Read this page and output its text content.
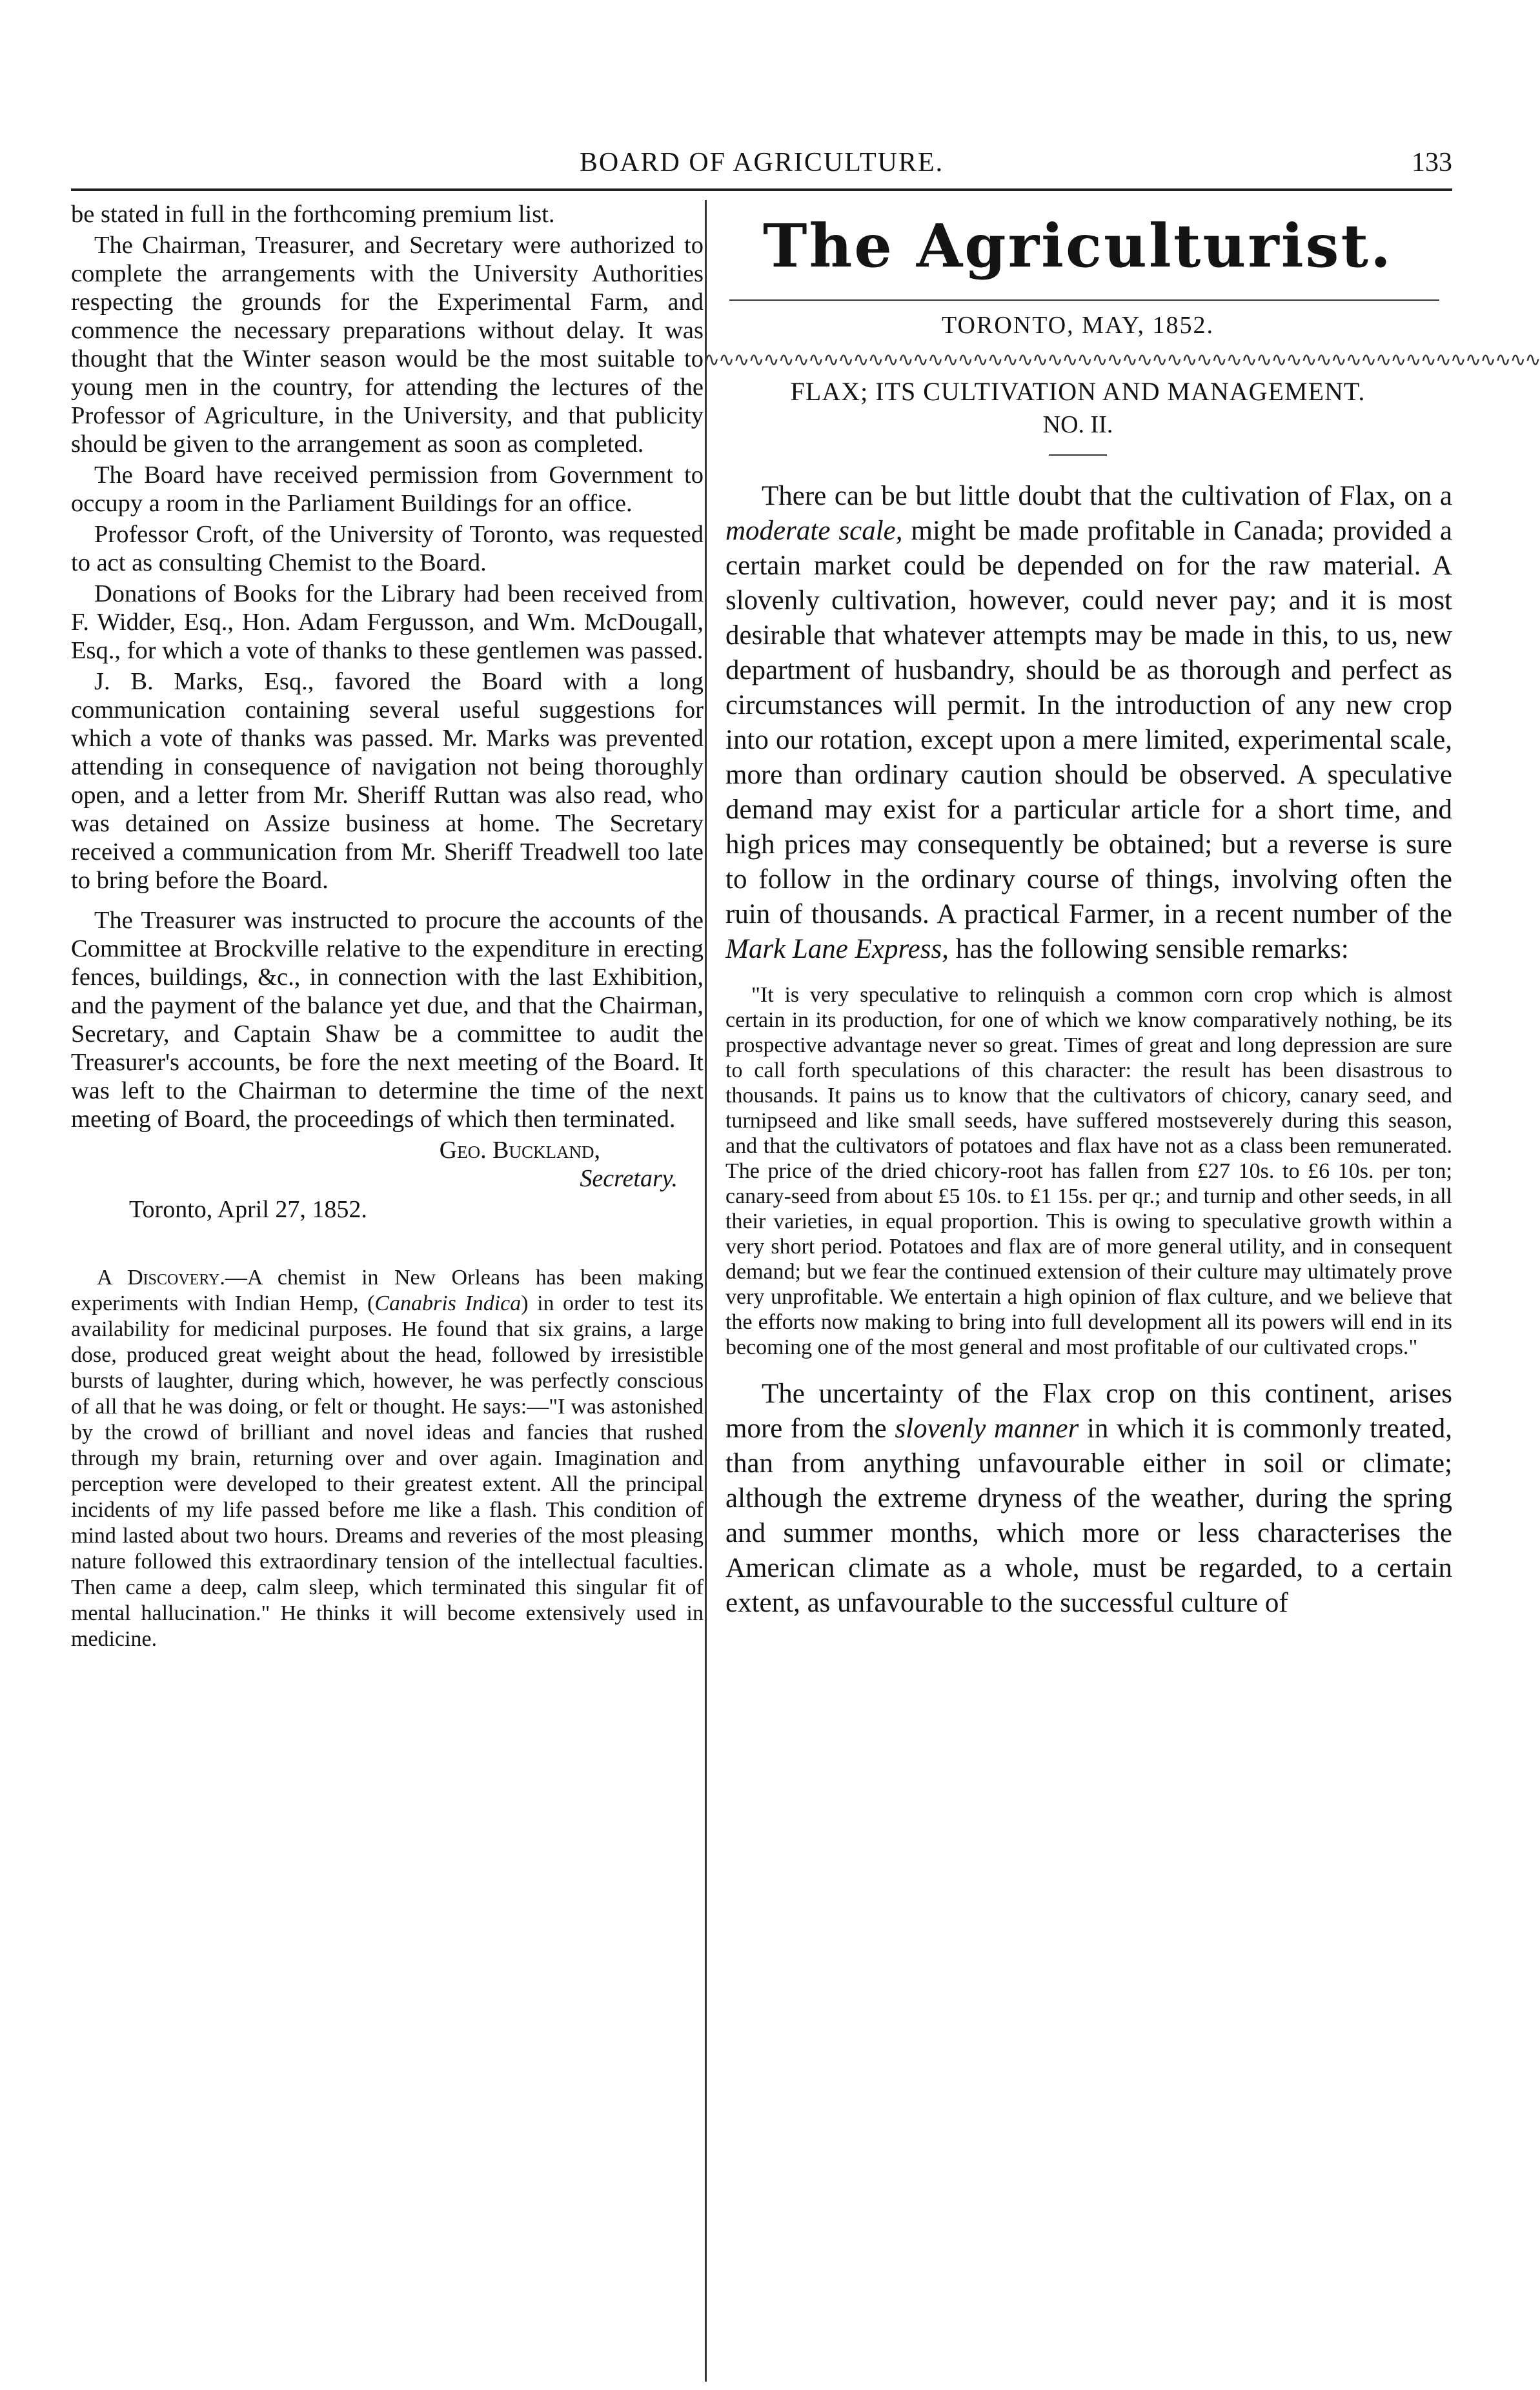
BOARD OF AGRICULTURE.	133

be stated in full in the forthcoming premium list.

The Chairman, Treasurer, and Secretary were authorized to complete the arrangements with the University Authorities respecting the grounds for the Experimental Farm, and commence the necessary preparations without delay. It was thought that the Winter season would be the most suitable to young men in the country, for attending the lectures of the Professor of Agriculture, in the University, and that publicity should be given to the arrangement as soon as completed.

The Board have received permission from Government to occupy a room in the Parliament Buildings for an office.

Professor Croft, of the University of Toronto, was requested to act as consulting Chemist to the Board.

Donations of Books for the Library had been received from F. Widder, Esq., Hon. Adam Fergusson, and Wm. McDougall, Esq., for which a vote of thanks to these gentlemen was passed.

J. B. Marks, Esq., favored the Board with a long communication containing several useful suggestions for which a vote of thanks was passed. Mr. Marks was prevented attending in consequence of navigation not being thoroughly open, and a letter from Mr. Sheriff Ruttan was also read, who was detained on Assize business at home. The Secretary received a communication from Mr. Sheriff Treadwell too late to bring before the Board.

The Treasurer was instructed to procure the accounts of the Committee at Brockville relative to the expenditure in erecting fences, buildings, &c., in connection with the last Exhibition, and the payment of the balance yet due, and that the Chairman, Secretary, and Captain Shaw be a committee to audit the Treasurer's accounts, be fore the next meeting of the Board. It was left to the Chairman to determine the time of the next meeting of Board, the proceedings of which then terminated.

Geo. Buckland,
Secretary.
Toronto, April 27, 1852.

A Discovery.—A chemist in New Orleans has been making experiments with Indian Hemp, (Canabris Indica) in order to test its availability for medicinal purposes. He found that six grains, a large dose, produced great weight about the head, followed by irresistible bursts of laughter, during which, however, he was perfectly conscious of all that he was doing, or felt or thought. He says:—"I was astonished by the crowd of brilliant and novel ideas and fancies that rushed through my brain, returning over and over again. Imagination and perception were developed to their greatest extent. All the principal incidents of my life passed before me like a flash. This condition of mind lasted about two hours. Dreams and reveries of the most pleasing nature followed this extraordinary tension of the intellectual faculties. Then came a deep, calm sleep, which terminated this singular fit of mental hallucination." He thinks it will become extensively used in medicine.

The Agriculturist.
TORONTO, MAY, 1852.
∿∿∿∿∿∿∿∿∿∿∿∿∿∿∿∿∿∿∿∿∿∿∿∿∿∿∿∿∿∿∿∿∿∿∿∿∿∿∿∿∿∿∿∿∿∿∿∿∿∿∿∿∿∿∿∿
FLAX; ITS CULTIVATION AND MANAGEMENT.
NO. II.

There can be but little doubt that the cultivation of Flax, on a moderate scale, might be made profitable in Canada; provided a certain market could be depended on for the raw material. A slovenly cultivation, however, could never pay; and it is most desirable that whatever attempts may be made in this, to us, new department of husbandry, should be as thorough and perfect as circumstances will permit. In the introduction of any new crop into our rotation, except upon a mere limited, experimental scale, more than ordinary caution should be observed. A speculative demand may exist for a particular article for a short time, and high prices may consequently be obtained; but a reverse is sure to follow in the ordinary course of things, involving often the ruin of thousands. A practical Farmer, in a recent number of the Mark Lane Express, has the following sensible remarks:

"It is very speculative to relinquish a common corn crop which is almost certain in its production, for one of which we know comparatively nothing, be its prospective advantage never so great. Times of great and long depression are sure to call forth speculations of this character: the result has been disastrous to thousands. It pains us to know that the cultivators of chicory, canary seed, and turnipseed and like small seeds, have suffered mostseverely during this season, and that the cultivators of potatoes and flax have not as a class been remunerated. The price of the dried chicory-root has fallen from £27 10s. to £6 10s. per ton; canary-seed from about £5 10s. to £1 15s. per qr.; and turnip and other seeds, in all their varieties, in equal proportion. This is owing to speculative growth within a very short period. Potatoes and flax are of more general utility, and in consequent demand; but we fear the continued extension of their culture may ultimately prove very unprofitable. We entertain a high opinion of flax culture, and we believe that the efforts now making to bring into full development all its powers will end in its becoming one of the most general and most profitable of our cultivated crops."

The uncertainty of the Flax crop on this continent, arises more from the slovenly manner in which it is commonly treated, than from anything unfavourable either in soil or climate; although the extreme dryness of the weather, during the spring and summer months, which more or less characterises the American climate as a whole, must be regarded, to a certain extent, as unfavourable to the successful culture of
